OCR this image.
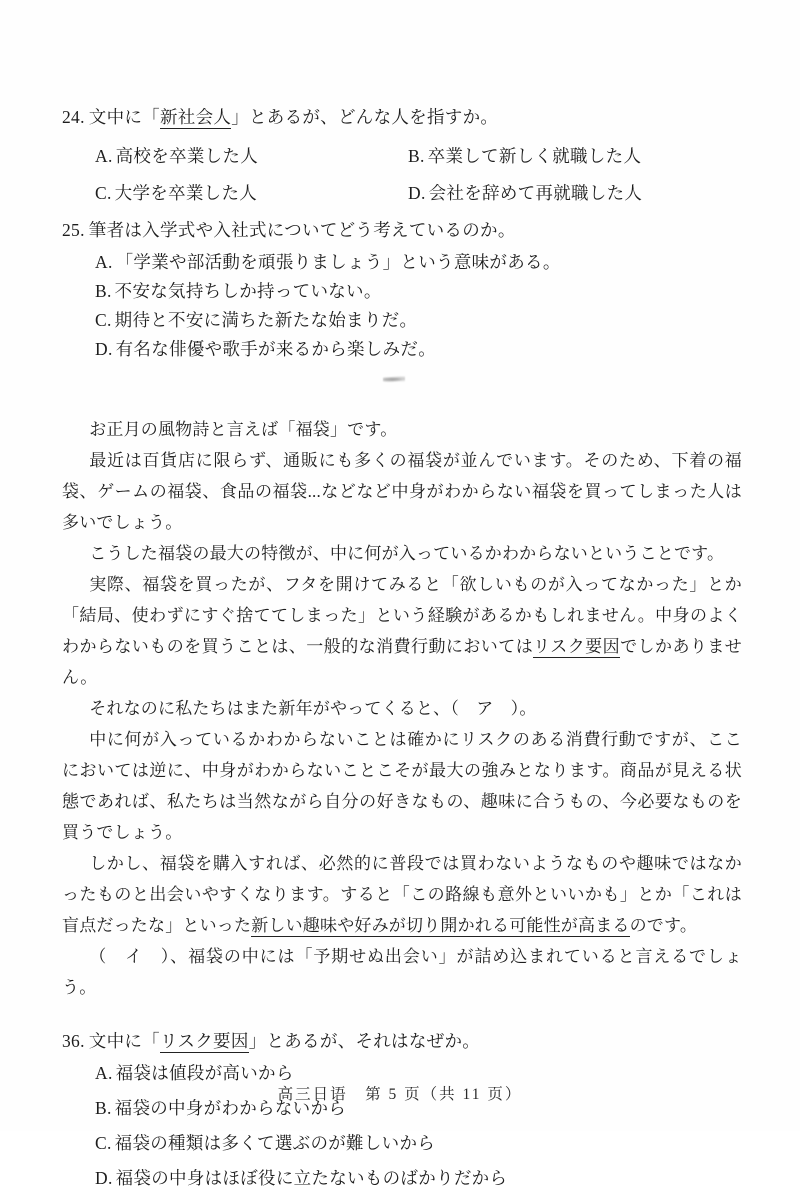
24. 文中に「新社会人」とあるが、どんな人を指すか。
A. 高校を卒業した人	B. 卒業して新しく就職した人
C. 大学を卒業した人	D. 会社を辞めて再就職した人
25. 筆者は入学式や入社式についてどう考えているのか。
A. 「学業や部活動を頑張りましょう」という意味がある。
B. 不安な気持ちしか持っていない。
C. 期待と不安に満ちた新たな始まりだ。
D. 有名な俳優や歌手が来るから楽しみだ。

お正月の風物詩と言えば「福袋」です。

最近は百貨店に限らず、通販にも多くの福袋が並んでいます。そのため、下着の福袋、ゲームの福袋、食品の福袋...などなど中身がわからない福袋を買ってしまった人は多いでしょう。

こうした福袋の最大の特徴が、中に何が入っているかわからないということです。

実際、福袋を買ったが、フタを開けてみると「欲しいものが入ってなかった」とか「結局、使わずにすぐ捨ててしまった」という経験があるかもしれません。中身のよくわからないものを買うことは、一般的な消費行動においてはリスク要因でしかありません。

それなのに私たちはまた新年がやってくると、（　ア　）。

中に何が入っているかわからないことは確かにリスクのある消費行動ですが、ここにおいては逆に、中身がわからないことこそが最大の強みとなります。商品が見える状態であれば、私たちは当然ながら自分の好きなもの、趣味に合うもの、今必要なものを買うでしょう。

しかし、福袋を購入すれば、必然的に普段では買わないようなものや趣味ではなかったものと出会いやすくなります。すると「この路線も意外といいかも」とか「これは盲点だったな」といった新しい趣味や好みが切り開かれる可能性が高まるのです。

（　イ　）、福袋の中には「予期せぬ出会い」が詰め込まれていると言えるでしょう。

36. 文中に「リスク要因」とあるが、それはなぜか。
A. 福袋は値段が高いから
B. 福袋の中身がわからないから
C. 福袋の種類は多くて選ぶのが難しいから
D. 福袋の中身はほぼ役に立たないものばかりだから
高三日语　第 5 页（共 11 页）
